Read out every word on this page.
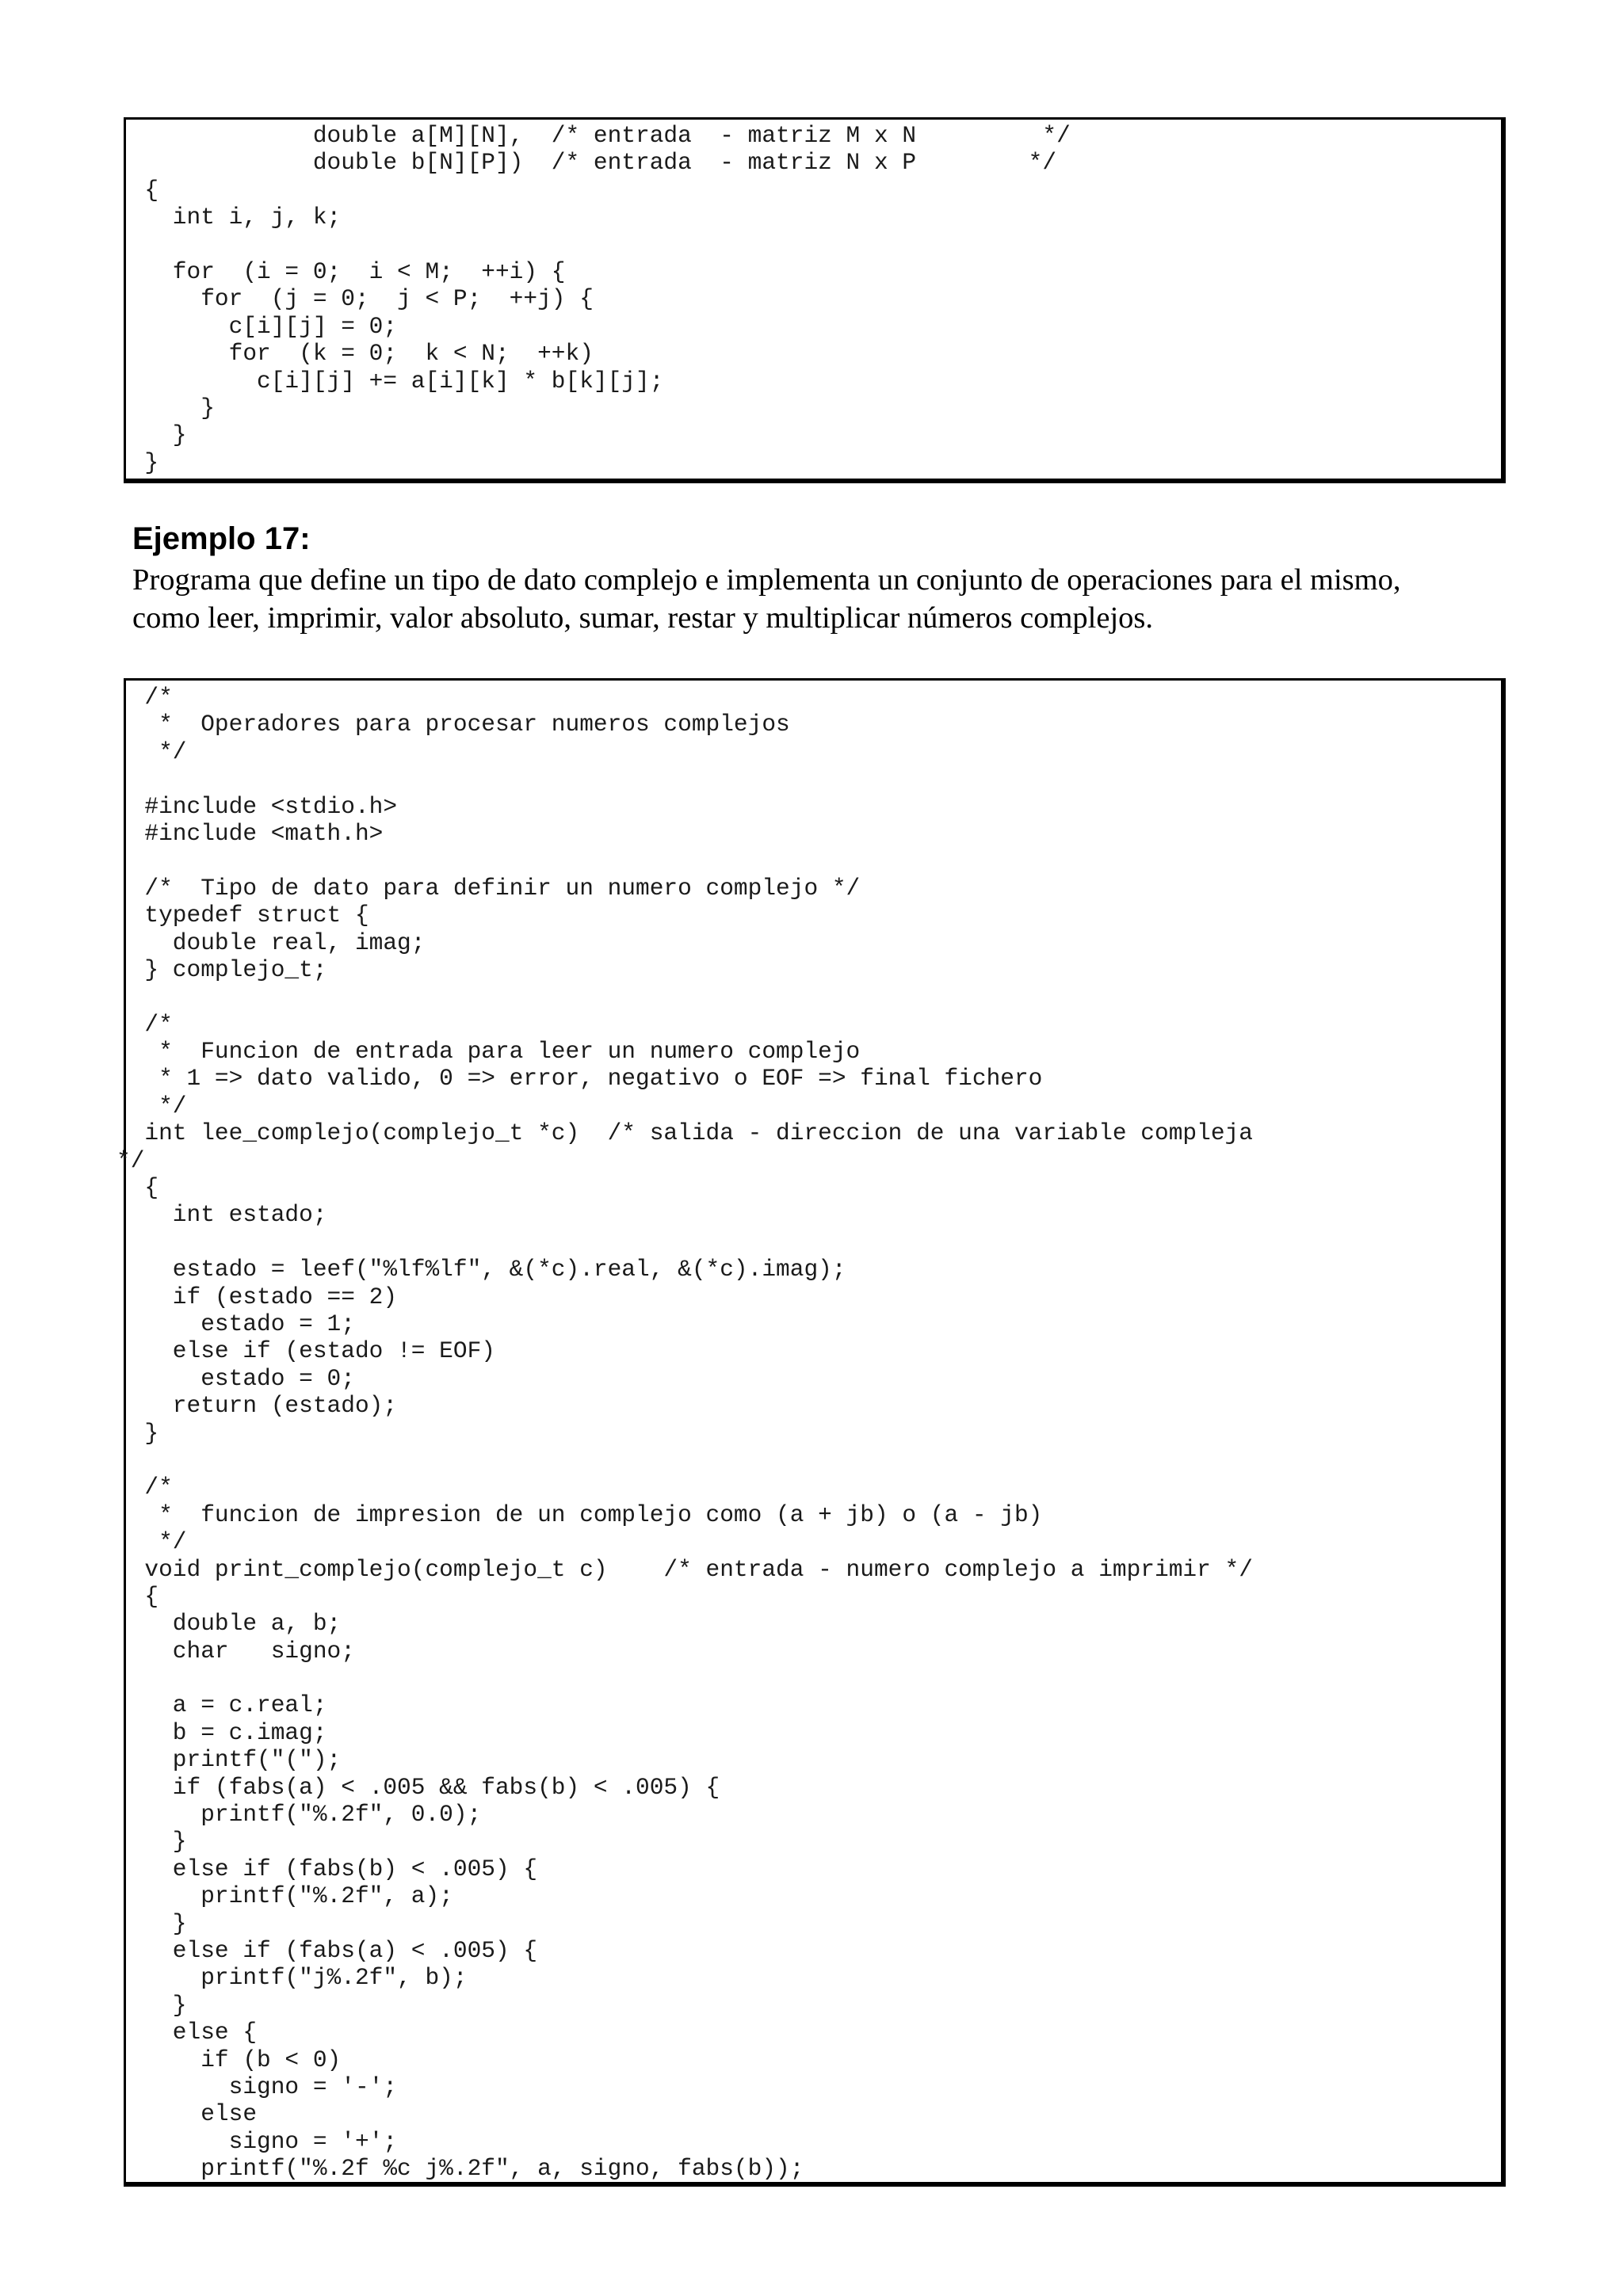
double a[M][N],  /* entrada  - matriz M x N         */
double b[N][P])  /* entrada  - matriz N x P        */
{
int i, j, k;
for  (i = 0;  i < M;  ++i) {
for  (j = 0;  j < P;  ++j) {
c[i][j] = 0;
for  (k = 0;  k < N;  ++k)
c[i][j] += a[i][k] * b[k][j];
}
}
}
Ejemplo 17:

Programa que define un tipo de dato complejo e implementa un conjunto de operaciones para el mismo,
como leer, imprimir, valor absoluto, sumar, restar y multiplicar números complejos.

/*
*  Operadores para procesar numeros complejos
*/
#include <stdio.h>
#include <math.h>
/*  Tipo de dato para definir un numero complejo */
typedef struct {
double real, imag;
} complejo_t;
/*
*  Funcion de entrada para leer un numero complejo
* 1 => dato valido, 0 => error, negativo o EOF => final fichero
*/
int lee_complejo(complejo_t *c)  /* salida - direccion de una variable compleja
*/
{
int estado;
estado = leef("%lf%lf", &(*c).real, &(*c).imag);
if (estado == 2)
estado = 1;
else if (estado != EOF)
estado = 0;
return (estado);
}
/*
*  funcion de impresion de un complejo como (a + jb) o (a - jb)
*/
void print_complejo(complejo_t c)    /* entrada - numero complejo a imprimir */
{
double a, b;
char   signo;
a = c.real;
b = c.imag;
printf("(");
if (fabs(a) < .005 && fabs(b) < .005) {
printf("%.2f", 0.0);
}
else if (fabs(b) < .005) {
printf("%.2f", a);
}
else if (fabs(a) < .005) {
printf("j%.2f", b);
}
else {
if (b < 0)
signo = '-';
else
signo = '+';
printf("%.2f %c j%.2f", a, signo, fabs(b));
